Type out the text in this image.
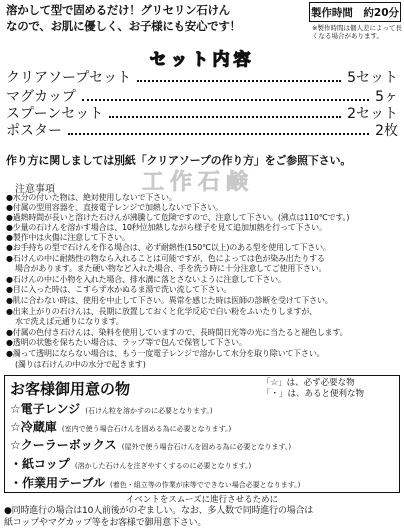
溶かして型で固めるだけ！グリセリン石けん
なので、お肌に優しく、お子様にも安心です！
製作時間　約20分
※製作時間は個人差によって長くなる場合があります。
セット内容
クリアソープセット	5セット
マグカップ	5ヶ
スプーンセット	2セット
ポスター	2枚
作り方に関しましては別紙「クリアソープの作り方」をご参照下さい。
工作石鹸
注意事項
●水分の付いた物は、絶対使用しないで下さい。
●付属の型用容器を、直接電子レンジで加熱しないで下さい。
●過熱時間が長いと溶けた石けんが沸騰して危険ですので、注意して下さい。(沸点は110℃です。)
●少量の石けんを溶かす場合は、10秒位加熱しながら様子を見て追加加熱を行って下さい。
●製作中は火傷に注意して下さい。
●お手持ちの型で石けんを作る場合は、必ず耐熱性(150℃以上)のある型を使用して下さい。
●石けんの中に耐熱性の物なら入れることは可能ですが、色によっては色が染み出たりする
場合があります。また硬い物など入れた場合、手を洗う時に十分注意してご使用下さい。
●石けんの中に小物を入れた場合、排水溝に落とさないように注意して下さい。
●目に入った時は、こすらず水かぬるま湯で洗い流して下さい。
●肌に合わない時は、使用を中止して下さい。異常を感じた時は医師の診断を受けて下さい。
●出来上がりの石けんは、長期に放置しておくと化学反応で白い粉をふいたりしますが、
水で洗えば元通りになります。
●付属の色付き石けんは、染料を使用していますので、長時間日光等の光に当たると褪色します。
●透明の状態を保ちたい場合は、ラップ等で包んで保管して下さい。
●濁って透明にならない場合は、もう一度電子レンジで溶かして水分を取り除いて下さい。
(濁りは石けんの中の水分で起きます)
お客様御用意の物	「☆」は、必ず必要な物
「・」は、あると便利な物
☆電子レンジ (石けん粒を溶かすのに必要となります。)
☆冷蔵庫 (室内で使う場合石けんを固める為に必要となります。)
☆クーラーボックス (屋外で使う場合石けんを固める為に必要となります。)
・紙コップ (溶かした石けんを注ぎやすくするのに必要となります。)
・作業用テーブル (着色・組立等の作業が床等でできない場合必要となります。)
イベントをスムーズに進行させるために
●同時進行の場合は10人前後がのぞましい。なお、多人数で同時進行の場合は
紙コップやマグカップ等をお客様で御用意下さい。
